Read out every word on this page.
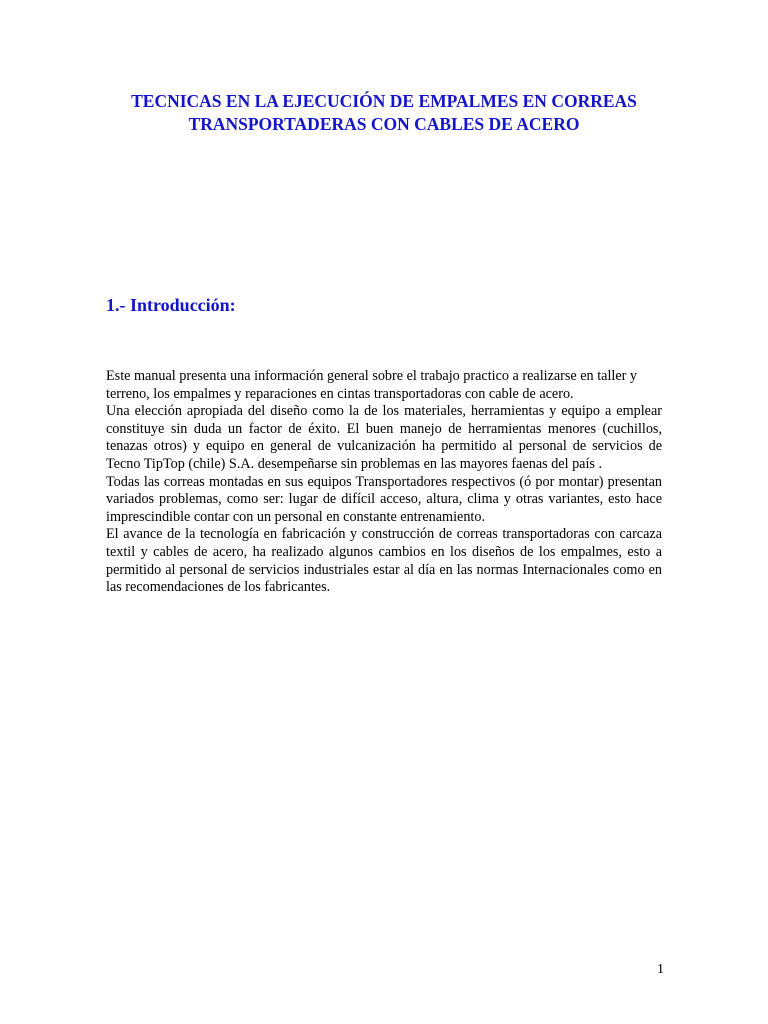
TECNICAS EN LA EJECUCIÓN DE EMPALMES EN CORREAS
TRANSPORTADERAS CON CABLES DE ACERO
1.- Introducción:

Este manual presenta una información general sobre el trabajo practico a realizarse en taller y terreno, los empalmes y reparaciones en cintas transportadoras con cable de acero.

Una elección apropiada del diseño como la de los materiales, herramientas y equipo a emplear constituye sin duda un factor de éxito. El buen manejo de herramientas menores (cuchillos, tenazas otros) y equipo en general de vulcanización ha permitido al personal de servicios de Tecno TipTop (chile) S.A. desempeñarse sin problemas en las mayores faenas del país .

Todas las correas montadas en sus equipos Transportadores respectivos (ó por montar) presentan variados problemas, como ser: lugar de difícil acceso, altura, clima y otras variantes, esto hace imprescindible contar con un personal en constante entrenamiento.

El avance de la tecnología en fabricación y construcción de correas transportadoras con carcaza textil y cables de acero, ha realizado algunos cambios en los diseños de los empalmes, esto a permitido al personal de servicios industriales estar al día en las normas Internacionales como en las recomendaciones de los fabricantes.

1
